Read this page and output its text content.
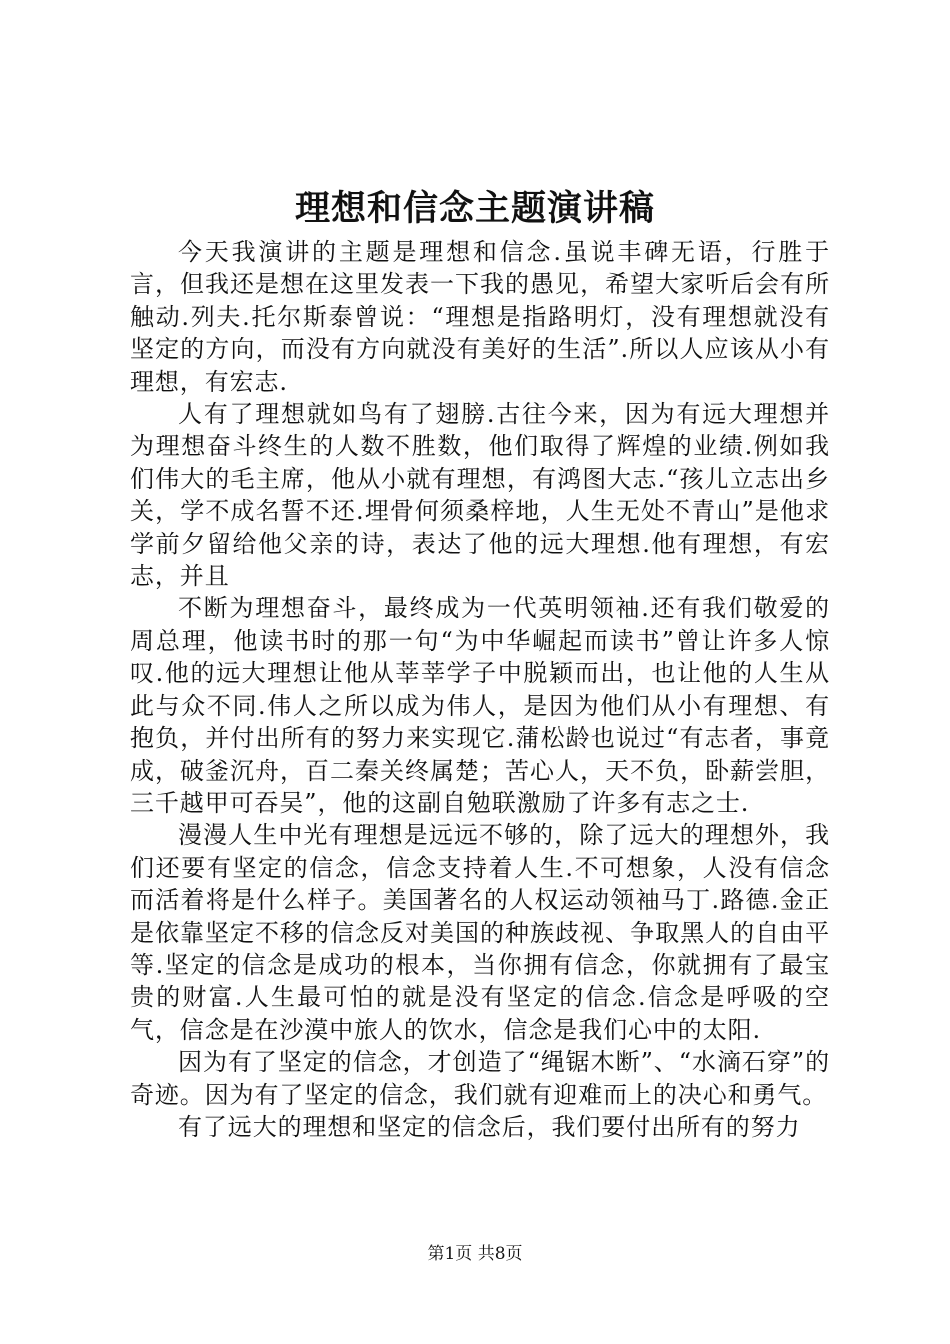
理想和信念主题演讲稿

今天我演讲的主题是理想和信念.虽说丰碑无语，行胜于言，但我还是想在这里发表一下我的愚见，希望大家听后会有所触动.列夫.托尔斯泰曾说：“理想是指路明灯，没有理想就没有坚定的方向，而没有方向就没有美好的生活”.所以人应该从小有理想，有宏志.

人有了理想就如鸟有了翅膀.古往今来，因为有远大理想并为理想奋斗终生的人数不胜数，他们取得了辉煌的业绩.例如我们伟大的毛主席，他从小就有理想，有鸿图大志.“孩儿立志出乡关，学不成名誓不还.埋骨何须桑梓地，人生无处不青山”是他求学前夕留给他父亲的诗，表达了他的远大理想.他有理想，有宏志，并且

不断为理想奋斗，最终成为一代英明领袖.还有我们敬爱的周总理，他读书时的那一句“为中华崛起而读书”曾让许多人惊叹.他的远大理想让他从莘莘学子中脱颖而出，也让他的人生从此与众不同.伟人之所以成为伟人，是因为他们从小有理想、有抱负，并付出所有的努力来实现它.蒲松龄也说过“有志者，事竟成，破釜沉舟，百二秦关终属楚；苦心人，天不负，卧薪尝胆，三千越甲可吞吴”，他的这副自勉联激励了许多有志之士.

漫漫人生中光有理想是远远不够的，除了远大的理想外，我们还要有坚定的信念，信念支持着人生.不可想象，人没有信念而活着将是什么样子。美国著名的人权运动领袖马丁.路德.金正是依靠坚定不移的信念反对美国的种族歧视、争取黑人的自由平等.坚定的信念是成功的根本，当你拥有信念，你就拥有了最宝贵的财富.人生最可怕的就是没有坚定的信念.信念是呼吸的空气，信念是在沙漠中旅人的饮水，信念是我们心中的太阳.

因为有了坚定的信念，才创造了“绳锯木断”、“水滴石穿”的奇迹。因为有了坚定的信念，我们就有迎难而上的决心和勇气。

有了远大的理想和坚定的信念后，我们要付出所有的努力

第1页 共8页
